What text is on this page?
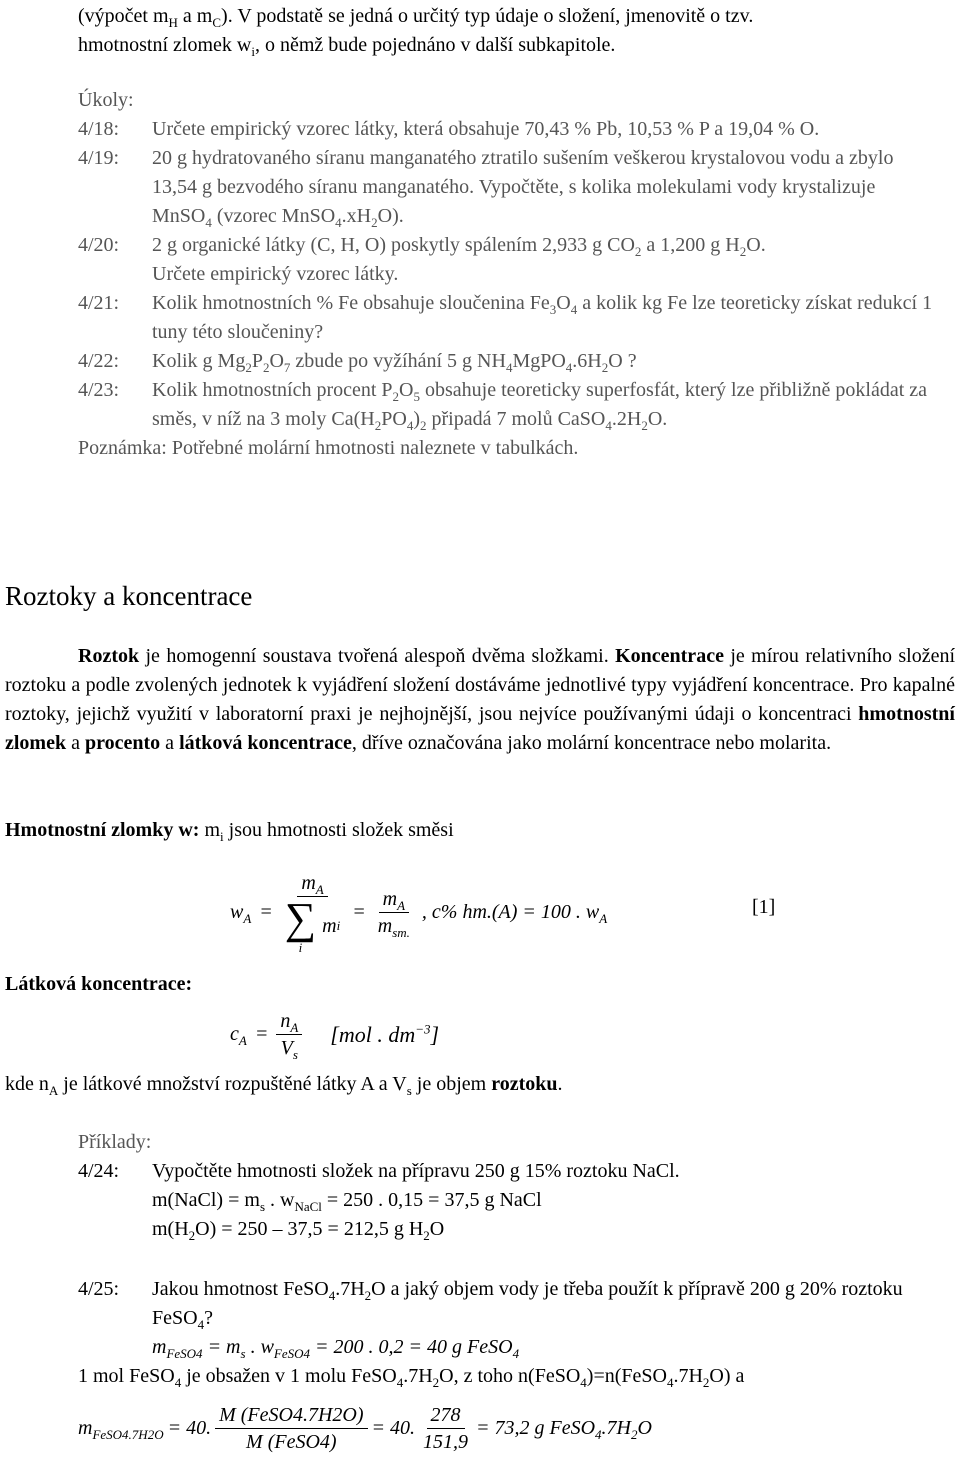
(výpočet $m_H$ a $m_C$). V podstatě se jedná o určitý typ údaje o složení, jmenovitě o tzv.
hmotnostní zlomek $w_i$, o němž bude pojednáno v další subkapitole.
Úkoly:
4/18: Určete empirický vzorec látky, která obsahuje 70,43 % Pb, 10,53 % P a 19,04 % O.
4/19: 20 g hydratovaného síranu manganatého ztratilo sušením veškerou krystalovou vodu a zbylo 13,54 g bezvodého síranu manganatého. Vypočtěte, s kolika molekulami vody krystalizuje MnSO$_4$ (vzorec $MnSO_4.xH_2O$).
4/20: 2 g organické látky (C, H, O) poskytly spálením 2,933 g $CO_2$ a 1,200 g $H_2O$.
Určete empirický vzorec látky.
4/21: Kolik hmotnostních % Fe obsahuje sloučenina $Fe_3O_4$ a kolik kg Fe lze teoreticky získat redukcí 1 tuny této sloučeniny?
4/22: Kolik g $Mg_2P_2O_7$ zbude po vyžíhání 5 g $NH_4MgPO_4.6H_2O$ ?
4/23: Kolik hmotnostních procent $P_2O_5$ obsahuje teoreticky superfosfát, který lze přibližně pokládat za směs, v níž na 3 moly $Ca(H_2PO_4)_2$ připadá 7 molů $CaSO_4.2H_2O$.
Poznámka: Potřebné molární hmotnosti naleznete v tabulkách.
Roztoky a koncentrace
Roztok je homogenní soustava tvořená alespoň dvěma složkami. Koncentrace je mírou relativního složení roztoku a podle zvolených jednotek k vyjádření složení dostáváme jednotlivé typy vyjádření koncentrace. Pro kapalné roztoky, jejichž využití v laboratorní praxi je nejhojnější, jsou nejvíce používanými údaji o koncentraci hmotnostní zlomek a procento a látková koncentrace, dříve označována jako molární koncentrace nebo molarita.
Hmotnostní zlomky w: $m_i$ jsou hmotnosti složek směsi
$w_A = m_A$
∑
i
m $i = \frac{m_A}{m_{sm.}}$ , c% hm.(A) = 100 . $w_A$
[1]
Látková koncentrace:
$c_A = \frac{n_A}{V_s} [mol$ . $dm^{-3}$]
kde $n_A$ je látkové množství rozpuštěné látky A a $V_s$ je objem roztoku.
Příklady:
4/24: Vypočtěte hmotnosti složek na přípravu 250 g 15% roztoku NaCl.
m(NaCl) = $m_s$ . $w_{NaCl} = 250$ . 0,15 = 37,5 g NaCl
$m(H_2O) = 250 - 37,5 = 212,5$ g $H_2O$
4/25: Jakou hmotnost $FeSO_4.7H_2O$ a jaký objem vody je třeba použít k přípravě 200 g 20% roztoku FeSO$_4$?
$m_{FeSO4} = m_s$ . $w_{FeSO4} = 200$ . 0,2 = 40 g FeSO$_4$
1 mol FeSO$_4$ je obsažen v 1 molu $FeSO_4.7H_2O$, z toho $n(FeSO_4)=n(FeSO_4.7H_2O)$ a
$m_{FeSO4.7H2O} = 40$. $\frac{\text{M (FeSO4.7H2O)}}{\text{M (FeSO4)}} = 40$. $\frac{278}{151,9} = 73,2$ g $FeSO_4.7H_2O$
